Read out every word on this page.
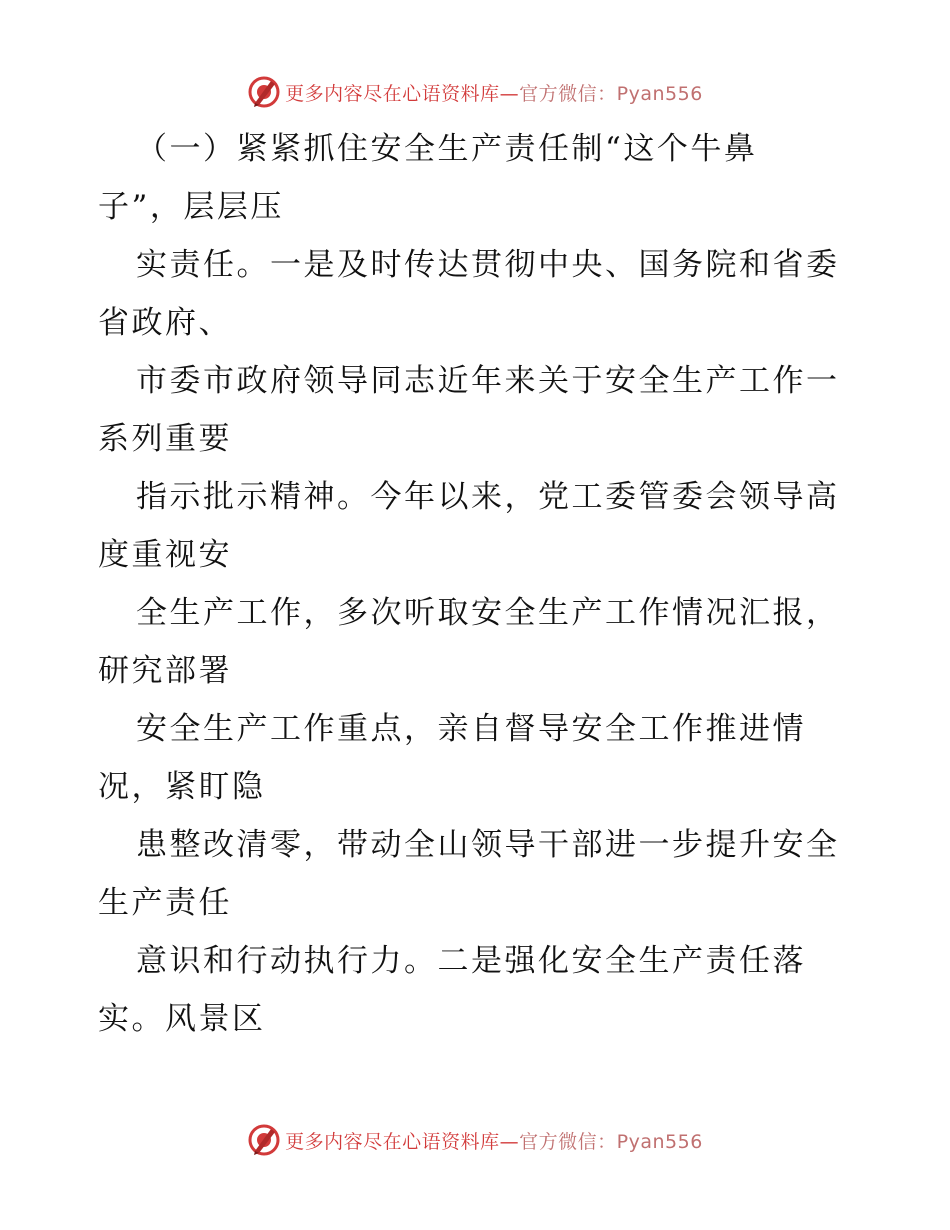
更多内容尽在心语资料库—官方微信：Pyan556
（一）紧紧抓住安全生产责任制“这个牛鼻
子”，层层压
实责任。一是及时传达贯彻中央、国务院和省委
省政府、
市委市政府领导同志近年来关于安全生产工作一
系列重要
指示批示精神。今年以来，党工委管委会领导高
度重视安
全生产工作，多次听取安全生产工作情况汇报，
研究部署
安全生产工作重点，亲自督导安全工作推进情
况，紧盯隐
患整改清零，带动全山领导干部进一步提升安全
生产责任
意识和行动执行力。二是强化安全生产责任落
实。风景区
更多内容尽在心语资料库—官方微信：Pyan556
